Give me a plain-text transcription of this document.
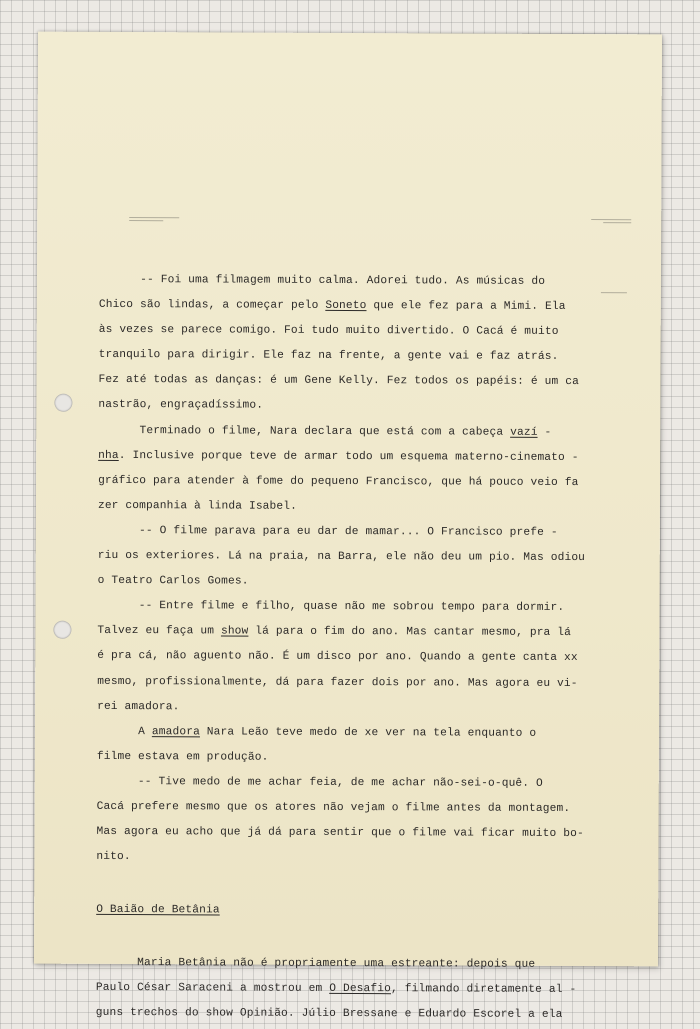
-- Foi uma filmagem muito calma. Adorei tudo. As músicas do
Chico são lindas, a começar pelo Soneto que ele fez para a Mimi. Ela
às vezes se parece comigo. Foi tudo muito divertido. O Cacá é muito
tranquilo para dirigir. Ele faz na frente, a gente vai e faz atrás.
Fez até todas as danças: é um Gene Kelly. Fez todos os papéis: é um ca
nastrão, engraçadíssimo.
Terminado o filme, Nara declara que está com a cabeça vazí -
nha. Inclusive porque teve de armar todo um esquema materno-cinemato -
gráfico para atender à fome do pequeno Francisco, que há pouco veio fa
zer companhia à linda Isabel.
-- O filme parava para eu dar de mamar... O Francisco prefe -
riu os exteriores. Lá na praia, na Barra, ele não deu um pio. Mas odiou
o Teatro Carlos Gomes.
-- Entre filme e filho, quase não me sobrou tempo para dormir.
Talvez eu faça um show lá para o fim do ano. Mas cantar mesmo, pra lá
é pra cá, não aguento não. É um disco por ano. Quando a gente canta xx
mesmo, profissionalmente, dá para fazer dois por ano. Mas agora eu vi-
rei amadora.
A amadora Nara Leão teve medo de xe ver na tela enquanto o
filme estava em produção.
-- Tive medo de me achar feia, de me achar não-sei-o-quê. O
Cacá prefere mesmo que os atores não vejam o filme antes da montagem.
Mas agora eu acho que já dá para sentir que o filme vai ficar muito bo-
nito.
O Baião de Betânia
Maria Betânia não é propriamente uma estreante: depois que
Paulo César Saraceni a mostrou em O Desafio, filmando diretamente al -
guns trechos do show Opinião. Júlio Bressane e Eduardo Escorel a ela
